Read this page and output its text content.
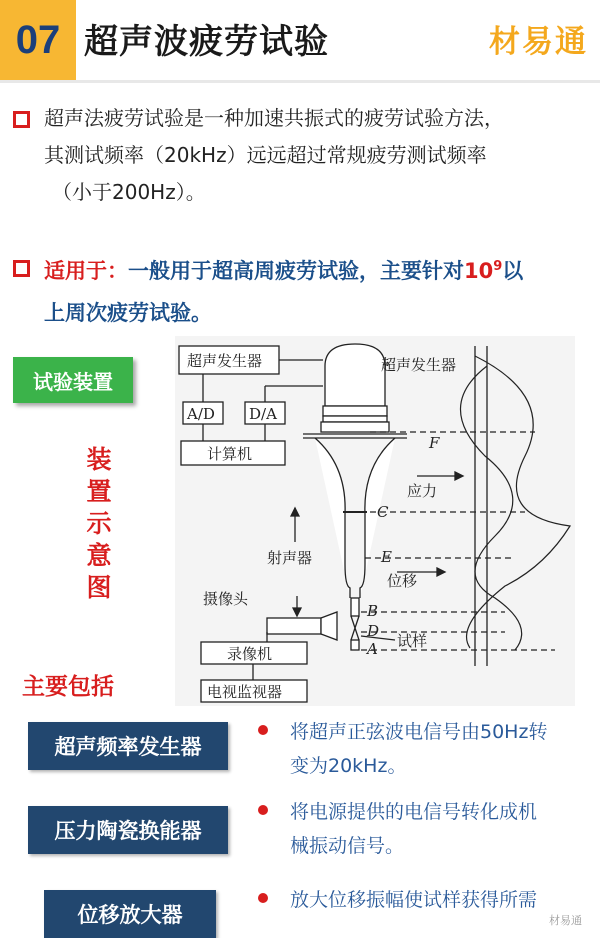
07 超声波疲劳试验	材易通
超声法疲劳试验是一种加速共振式的疲劳试验方法，
其测试频率（20kHz）远远超过常规疲劳测试频率
（小于200Hz）。
适用于：一般用于超高周疲劳试验，主要针对$10^9$以
上周次疲劳试验。
试验装置
装
置
示
意
图
超声发生器
A/D D/A
计算机
F
C
E
B
D
A
超声发生器
应力
射声器
位移
试样
摄像头
录像机
电视监视器
主要包括
超声频率发生器
将超声正弦波电信号由50Hz转
变为20kHz。
压力陶瓷换能器
将电源提供的电信号转化成机
械振动信号。
位移放大器
放大位移振幅使试样获得所需
材易通
